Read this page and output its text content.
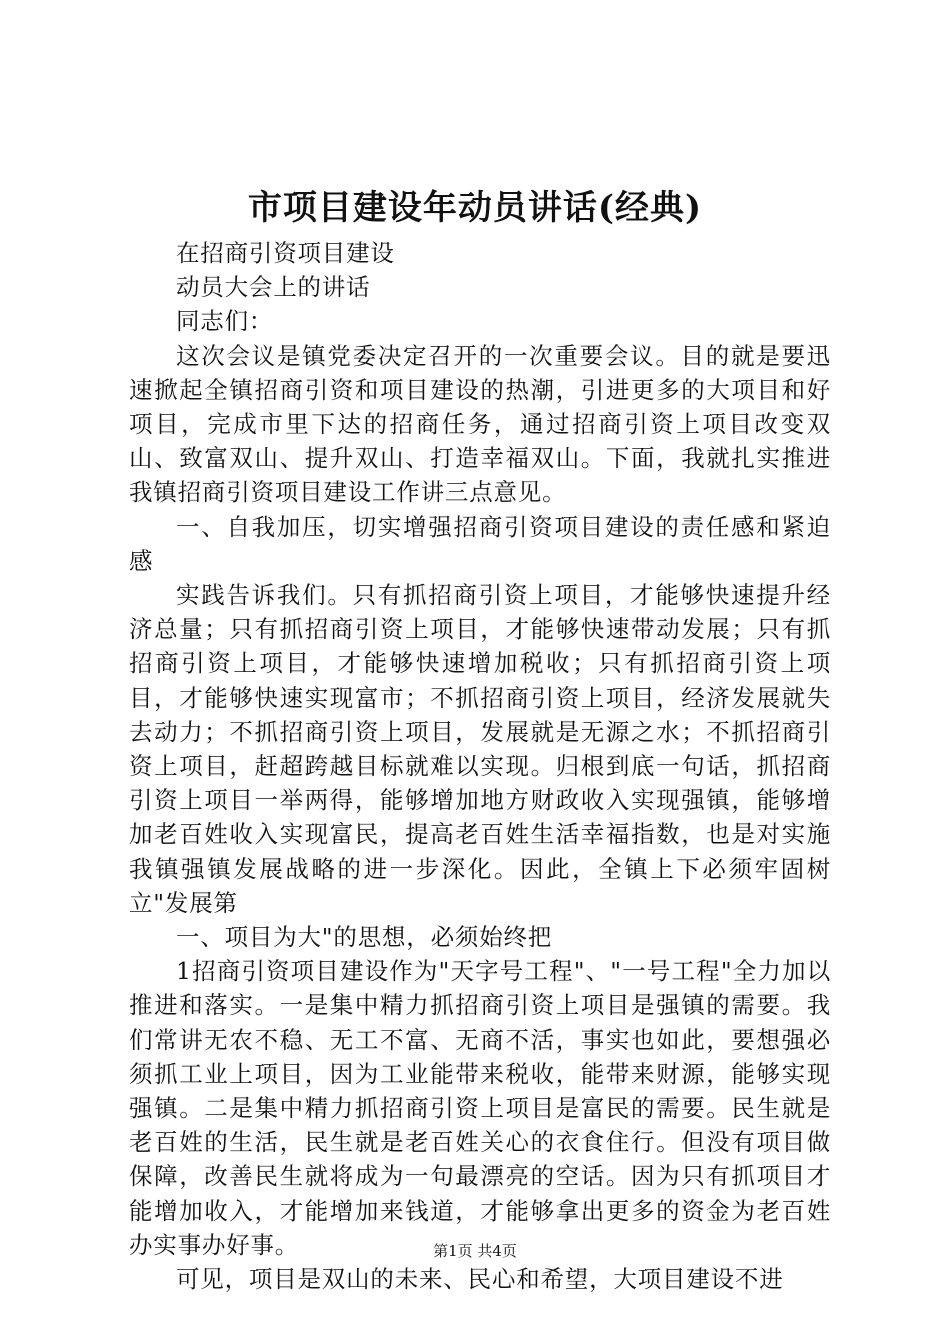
市项目建设年动员讲话(经典)

在招商引资项目建设

动员大会上的讲话

同志们：

这次会议是镇党委决定召开的一次重要会议。目的就是要迅速掀起全镇招商引资和项目建设的热潮，引进更多的大项目和好项目，完成市里下达的招商任务，通过招商引资上项目改变双山、致富双山、提升双山、打造幸福双山。下面，我就扎实推进我镇招商引资项目建设工作讲三点意见。

一、自我加压，切实增强招商引资项目建设的责任感和紧迫感

实践告诉我们。只有抓招商引资上项目，才能够快速提升经济总量；只有抓招商引资上项目，才能够快速带动发展；只有抓招商引资上项目，才能够快速增加税收；只有抓招商引资上项目，才能够快速实现富市；不抓招商引资上项目，经济发展就失去动力；不抓招商引资上项目，发展就是无源之水；不抓招商引资上项目，赶超跨越目标就难以实现。归根到底一句话，抓招商引资上项目一举两得，能够增加地方财政收入实现强镇，能够增加老百姓收入实现富民，提高老百姓生活幸福指数，也是对实施我镇强镇发展战略的进一步深化。因此，全镇上下必须牢固树立"发展第

一、项目为大"的思想，必须始终把

1招商引资项目建设作为"天字号工程"、"一号工程"全力加以推进和落实。一是集中精力抓招商引资上项目是强镇的需要。我们常讲无农不稳、无工不富、无商不活，事实也如此，要想强必须抓工业上项目，因为工业能带来税收，能带来财源，能够实现强镇。二是集中精力抓招商引资上项目是富民的需要。民生就是老百姓的生活，民生就是老百姓关心的衣食住行。但没有项目做保障，改善民生就将成为一句最漂亮的空话。因为只有抓项目才能增加收入，才能增加来钱道，才能够拿出更多的资金为老百姓办实事办好事。

可见，项目是双山的未来、民心和希望，大项目建设不进

第1页 共4页
